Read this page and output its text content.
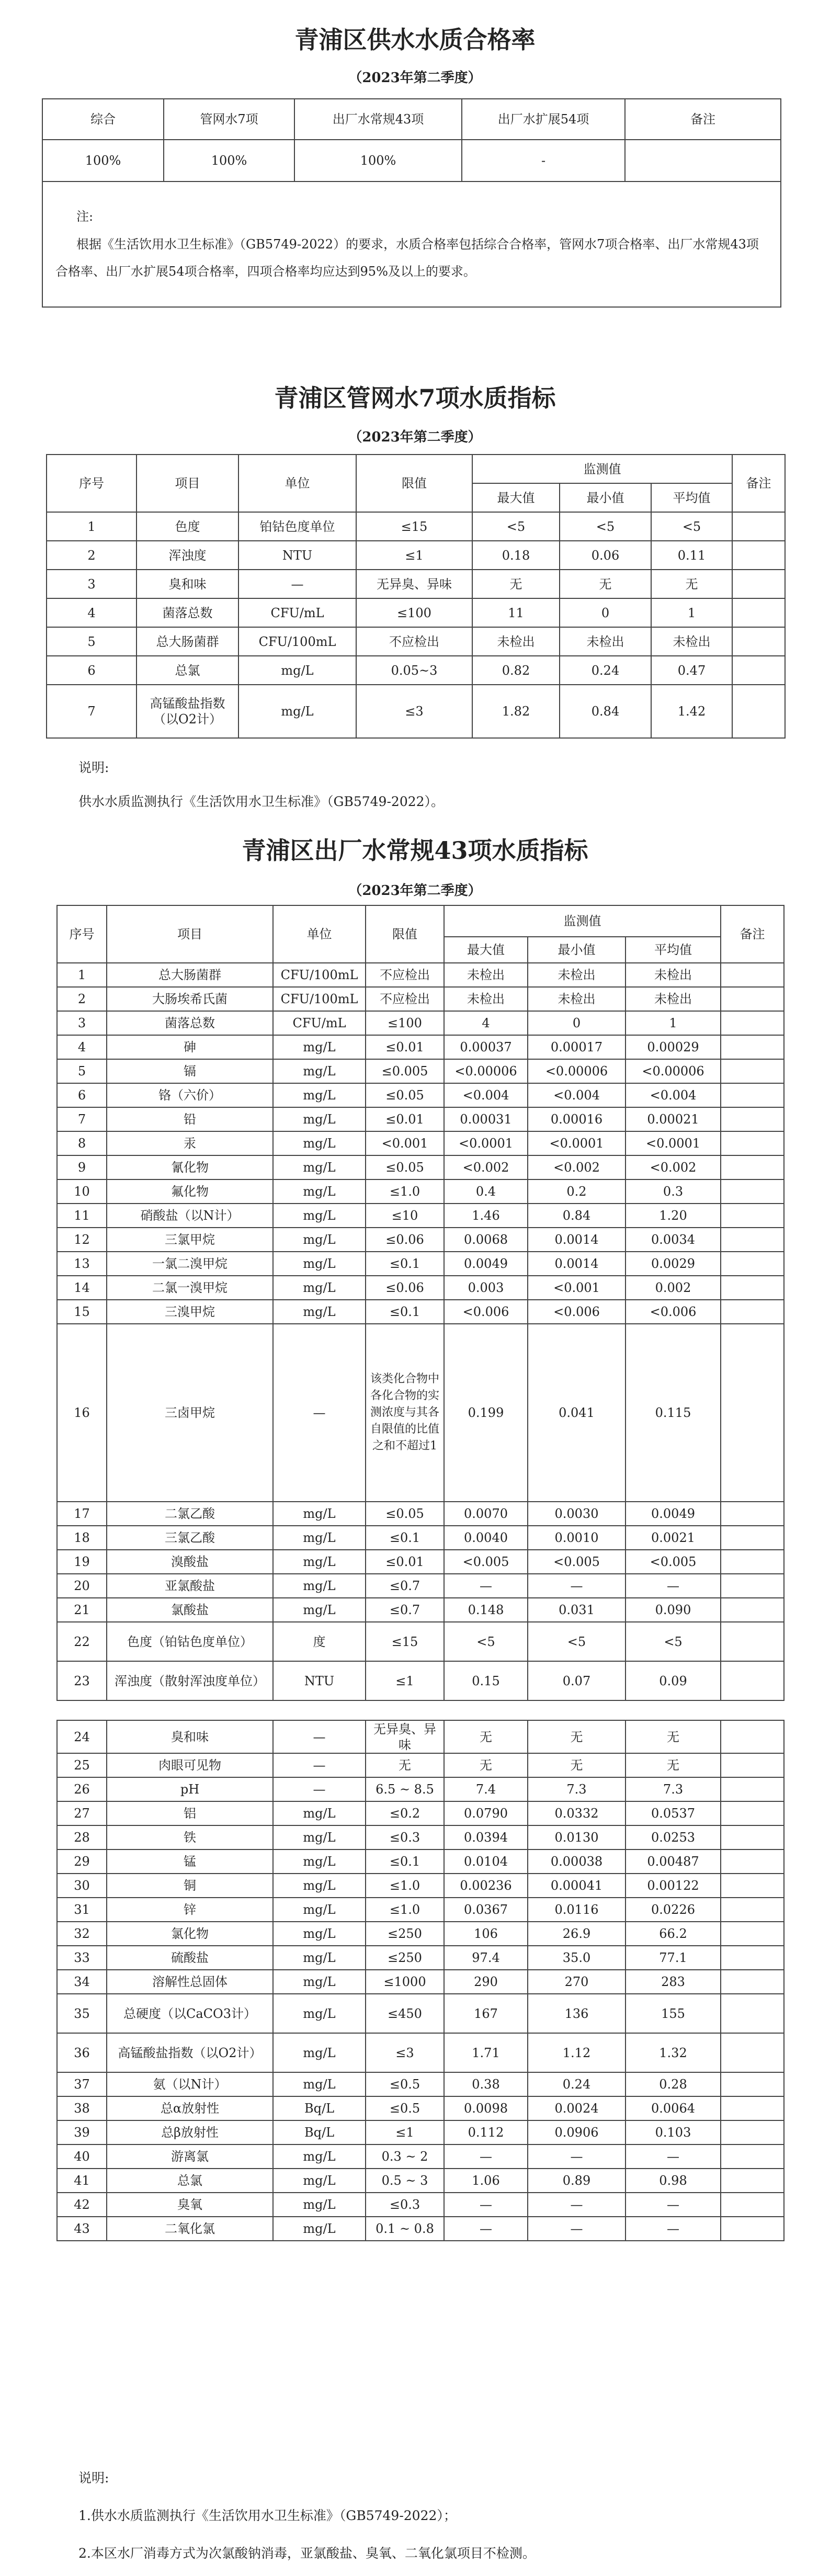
青浦区供水水质合格率
（2023年第二季度）
综合	管网水7项	出厂水常规43项	出厂水扩展54项	备注
100%	100%	100%	-	

注:
根据《生活饮用水卫生标准》（GB5749-2022）的要求，水质合格率包括综合合格率，管网水7项合格率、出厂水常规43项合格率、出厂水扩展54项合格率，四项合格率均应达到95%及以上的要求。				
青浦区管网水7项水质指标
（2023年第二季度）
序号	项目	单位	限值	监测值			备注
				最大值	最小值	平均值	
1	色度	铂钴色度单位	≤15	<5	<5	<5	
2	浑浊度	NTU	≤1	0.18	0.06	0.11	
3	臭和味	—	无异臭、异味	无	无	无	
4	菌落总数	CFU/mL	≤100	11	0	1	
5	总大肠菌群	CFU/100mL	不应检出	未检出	未检出	未检出	
6	总氯	mg/L	0.05~3	0.82	0.24	0.47	
7	高锰酸盐指数（以O2计）	mg/L	≤3	1.82	0.84	1.42	
说明:
供水水质监测执行《生活饮用水卫生标准》（GB5749-2022）。
青浦区出厂水常规43项水质指标
（2023年第二季度）
序号	项目	单位	限值	监测值			备注
				最大值	最小值	平均值	
1	总大肠菌群	CFU/100mL	不应检出	未检出	未检出	未检出	
2	大肠埃希氏菌	CFU/100mL	不应检出	未检出	未检出	未检出	
3	菌落总数	CFU/mL	≤100	4	0	1	
4	砷	mg/L	≤0.01	0.00037	0.00017	0.00029	
5	镉	mg/L	≤0.005	<0.00006	<0.00006	<0.00006	
6	铬（六价）	mg/L	≤0.05	<0.004	<0.004	<0.004	
7	铅	mg/L	≤0.01	0.00031	0.00016	0.00021	
8	汞	mg/L	<0.001	<0.0001	<0.0001	<0.0001	
9	氰化物	mg/L	≤0.05	<0.002	<0.002	<0.002	
10	氟化物	mg/L	≤1.0	0.4	0.2	0.3	
11	硝酸盐（以N计）	mg/L	≤10	1.46	0.84	1.20	
12	三氯甲烷	mg/L	≤0.06	0.0068	0.0014	0.0034	
13	一氯二溴甲烷	mg/L	≤0.1	0.0049	0.0014	0.0029	
14	二氯一溴甲烷	mg/L	≤0.06	0.003	<0.001	0.002	
15	三溴甲烷	mg/L	≤0.1	<0.006	<0.006	<0.006	
16	三卤甲烷	—	该类化合物中各化合物的实测浓度与其各自限值的比值之和不超过1	0.199	0.041	0.115	
17	二氯乙酸	mg/L	≤0.05	0.0070	0.0030	0.0049	
18	三氯乙酸	mg/L	≤0.1	0.0040	0.0010	0.0021	
19	溴酸盐	mg/L	≤0.01	<0.005	<0.005	<0.005	
20	亚氯酸盐	mg/L	≤0.7	—	—	—	
21	氯酸盐	mg/L	≤0.7	0.148	0.031	0.090	
22	色度（铂钴色度单位）	度	≤15	<5	<5	<5	
23	浑浊度（散射浑浊度单位）	NTU	≤1	0.15	0.07	0.09	

24	臭和味	—	无异臭、异味	无	无	无	
25	肉眼可见物	—	无	无	无	无	
26	pH	—	6.5 ~ 8.5	7.4	7.3	7.3	
27	铝	mg/L	≤0.2	0.0790	0.0332	0.0537	
28	铁	mg/L	≤0.3	0.0394	0.0130	0.0253	
29	锰	mg/L	≤0.1	0.0104	0.00038	0.00487	
30	铜	mg/L	≤1.0	0.00236	0.00041	0.00122	
31	锌	mg/L	≤1.0	0.0367	0.0116	0.0226	
32	氯化物	mg/L	≤250	106	26.9	66.2	
33	硫酸盐	mg/L	≤250	97.4	35.0	77.1	
34	溶解性总固体	mg/L	≤1000	290	270	283	
35	总硬度（以CaCO3计）	mg/L	≤450	167	136	155	
36	高锰酸盐指数（以O2计）	mg/L	≤3	1.71	1.12	1.32	
37	氨（以N计）	mg/L	≤0.5	0.38	0.24	0.28	
38	总α放射性	Bq/L	≤0.5	0.0098	0.0024	0.0064	
39	总β放射性	Bq/L	≤1	0.112	0.0906	0.103	
40	游离氯	mg/L	0.3 ~ 2	—	—	—	
41	总氯	mg/L	0.5 ~ 3	1.06	0.89	0.98	
42	臭氧	mg/L	≤0.3	—	—	—	
43	二氧化氯	mg/L	0.1 ~ 0.8	—	—	—	
说明:
1.供水水质监测执行《生活饮用水卫生标准》（GB5749-2022）；
2.本区水厂消毒方式为次氯酸钠消毒，亚氯酸盐、臭氧、二氧化氯项目不检测。
